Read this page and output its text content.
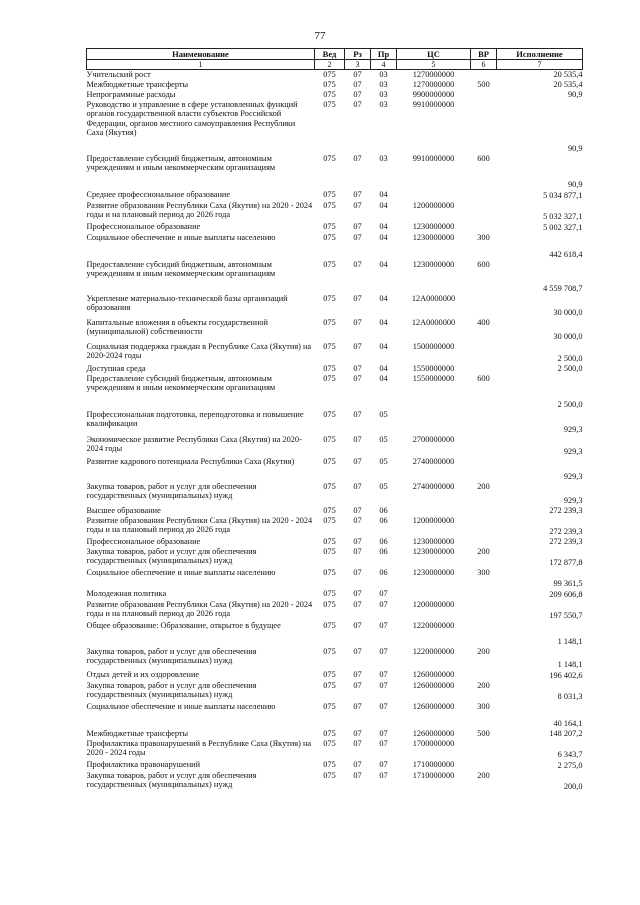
77
Наименование	Вед	Рз	Пр	ЦС	ВР	Исполнение
1	2	3	4	5	6	7
Учительский рост	075	07	03	1270000000		20 535,4
Межбюджетные трансферты	075	07	03	1270000000	500	20 535,4
Непрограммные расходы	075	07	03	9900000000		90,9
Руководство и управление в сфере установленных функций органов государственной власти субъектов Российской Федерации, органов местного самоуправления Республики Саха (Якутия)	075	07	03	9910000000		90,9
Предоставление субсидий бюджетным, автономным учреждениям и иным некоммерческим организациям	075	07	03	9910000000	600	90,9
Среднее профессиональное образование	075	07	04			5 034 877,1
Развитие образования Республики Саха (Якутия) на 2020 - 2024 годы и на плановый период до 2026 года	075	07	04	1200000000		5 032 327,1
Профессиональное образование	075	07	04	1230000000		5 002 327,1
Социальное обеспечение и иные выплаты населению	075	07	04	1230000000	300	442 618,4
Предоставление субсидий бюджетным, автономным учреждениям и иным некоммерческим организациям	075	07	04	1230000000	600	4 559 708,7
Укрепление материально-технической базы организаций образования	075	07	04	12А0000000		30 000,0
Капитальные вложения в объекты государственной (муниципальной) собственности	075	07	04	12А0000000	400	30 000,0
Социальная поддержка граждан в Республике Саха (Якутия) на 2020-2024 годы	075	07	04	1500000000		2 500,0
Доступная среда	075	07	04	1550000000		2 500,0
Предоставление субсидий бюджетным, автономным учреждениям и иным некоммерческим организациям	075	07	04	1550000000	600	2 500,0
Профессиональная подготовка, переподготовка и повышение квалификации	075	07	05			929,3
Экономическое развитие Республики Саха (Якутия) на 2020-2024 годы	075	07	05	2700000000		929,3
Развитие кадрового потенциала Республики Саха (Якутия)	075	07	05	2740000000		929,3
Закупка товаров, работ и услуг для обеспечения государственных (муниципальных) нужд	075	07	05	2740000000	200	929,3
Высшее образование	075	07	06			272 239,3
Развитие образования Республики Саха (Якутия) на 2020 - 2024 годы и на плановый период до 2026 года	075	07	06	1200000000		272 239,3
Профессиональное образование	075	07	06	1230000000		272 239,3
Закупка товаров, работ и услуг для обеспечения государственных (муниципальных) нужд	075	07	06	1230000000	200	172 877,8
Социальное обеспечение и иные выплаты населению	075	07	06	1230000000	300	99 361,5
Молодежная политика	075	07	07			209 606,8
Развитие образования Республики Саха (Якутия) на 2020 - 2024 годы и на плановый период до 2026 года	075	07	07	1200000000		197 550,7
Общее образование: Образование, открытое в будущее	075	07	07	1220000000		1 148,1
Закупка товаров, работ и услуг для обеспечения государственных (муниципальных) нужд	075	07	07	1220000000	200	1 148,1
Отдых детей и их оздоровление	075	07	07	1260000000		196 402,6
Закупка товаров, работ и услуг для обеспечения государственных (муниципальных) нужд	075	07	07	1260000000	200	8 031,3
Социальное обеспечение и иные выплаты населению	075	07	07	1260000000	300	40 164,1
Межбюджетные трансферты	075	07	07	1260000000	500	148 207,2
Профилактика правонарушений в Республике Саха (Якутия) на 2020 - 2024 годы	075	07	07	1700000000		6 343,7
Профилактика правонарушений	075	07	07	1710000000		2 275,0
Закупка товаров, работ и услуг для обеспечения государственных (муниципальных) нужд	075	07	07	1710000000	200	200,0
